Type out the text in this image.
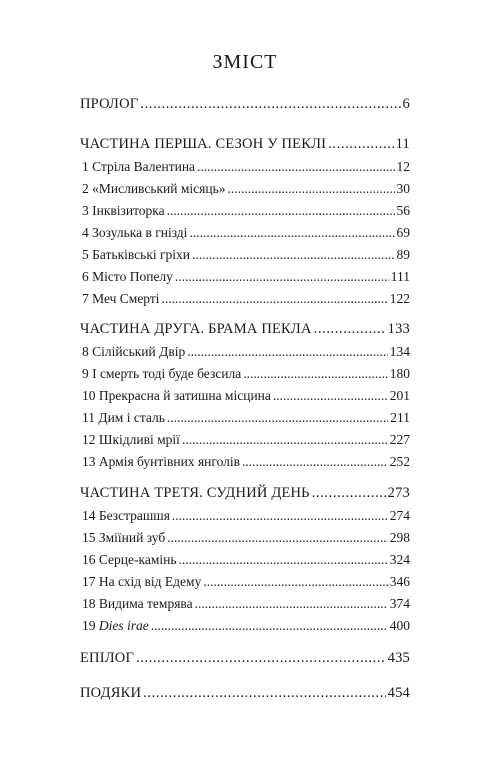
ЗМІСТ
ПРОЛОГ .....	6
ЧАСТИНА ПЕРША. СЕЗОН У ПЕКЛІ .....	11
1 Стріла Валентина .....	12
2 «Мисливський місяць» .....	30
3 Інквізиторка .....	56
4 Зозулька в гнізді .....	69
5 Батьківські гріхи .....	89
6 Місто Попелу .....	111
7 Меч Смерті .....	122
ЧАСТИНА ДРУГА. БРАМА ПЕКЛА .....	133
8 Сілійський Двір .....	134
9 І смерть тоді буде безсила .....	180
10 Прекрасна й затишна місцина .....	201
11 Дим і сталь .....	211
12 Шкідливі мрії .....	227
13 Армія бунтівних янголів .....	252
ЧАСТИНА ТРЕТЯ. СУДНИЙ ДЕНЬ .....	273
14 Безстрашшя .....	274
15 Зміїний зуб .....	298
16 Серце-камінь .....	324
17 На схід від Едему .....	346
18 Видима темрява .....	374
19 Dies irae .....	400
ЕПІЛОГ .....	435
ПОДЯКИ .....	454
